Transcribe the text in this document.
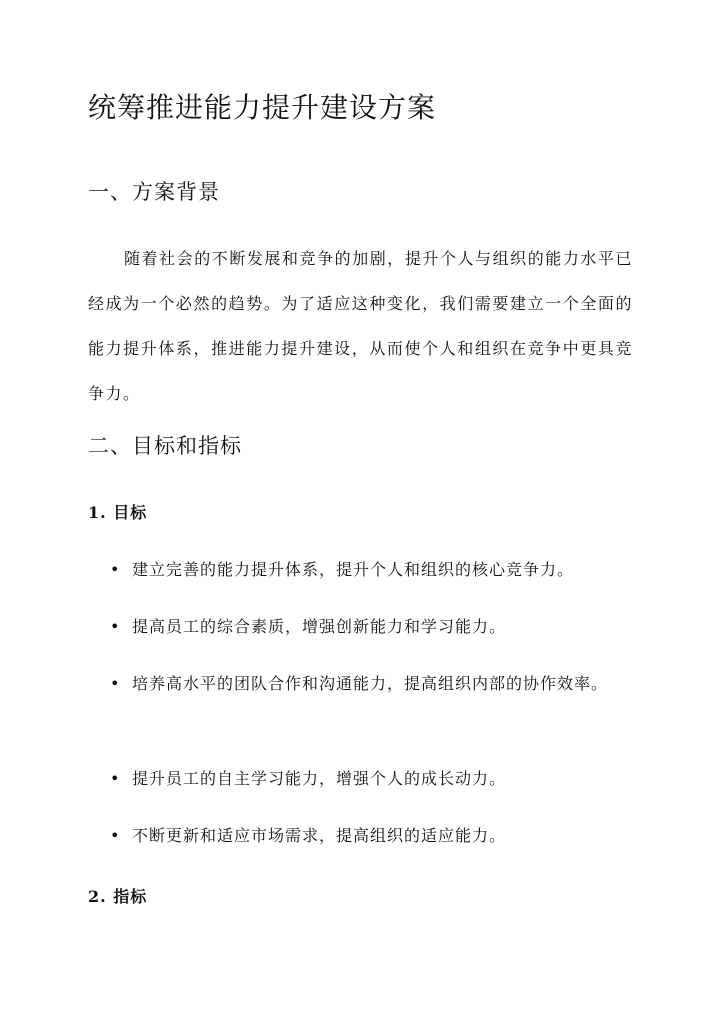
统筹推进能力提升建设方案
一、方案背景

随着社会的不断发展和竞争的加剧，提升个人与组织的能力水平已经成为一个必然的趋势。为了适应这种变化，我们需要建立一个全面的能力提升体系，推进能力提升建设，从而使个人和组织在竞争中更具竞争力。

二、目标和指标
1. 目标
• 建立完善的能力提升体系，提升个人和组织的核心竞争力。
• 提高员工的综合素质，增强创新能力和学习能力。
• 培养高水平的团队合作和沟通能力，提高组织内部的协作效率。
• 提升员工的自主学习能力，增强个人的成长动力。
• 不断更新和适应市场需求，提高组织的适应能力。
2. 指标
